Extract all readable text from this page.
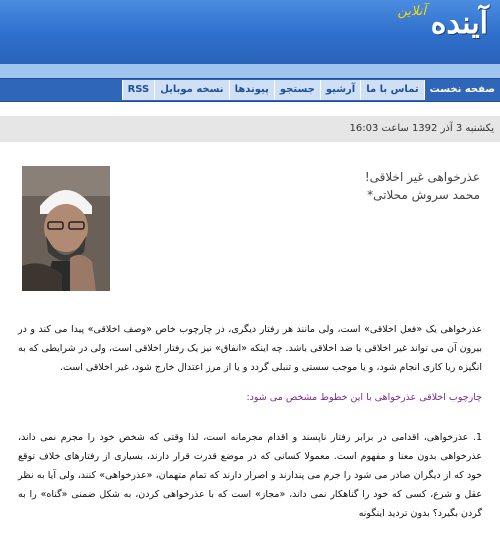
آینده
آنلاین
صفحه نخست
تماس با ما
آرشیو
جستجو
پیوندها
نسخه موبایل
RSS
یکشنبه 3 آذر 1392 ساعت 16:03
عذرخواهی غیر اخلاقی!
محمد سروش محلاتی*

عذرخواهی یک «فعل اخلاقی» است، ولی مانند هر رفتار دیگری، در چارچوب خاص «وصف اخلاقی» پیدا می کند و در بیرون آن می تواند غیر اخلاقی یا ضد اخلاقی باشد. چه اینکه «انفاق» نیز یک رفتار اخلاقی است، ولی در شرایطی که به انگیزه ریا کاری انجام شود، و یا موجب سستی و تنبلی گردد و یا از مرز اعتدال خارج شود، غیر اخلاقی است.

چارچوب اخلاقی عذرخواهی با این خطوط مشخص می شود:

1. عذرخواهی، اقدامی در برابر رفتار ناپسند و اقدام مجرمانه است، لذا وقتی که شخص خود را مجرم نمی داند، عذرخواهی بدون معنا و مفهوم است. معمولا کسانی که در موضع قدرت قرار دارند، بسیاری از رفتارهای خلاف توقع خود که از دیگران صادر می شود را جرم می پندارند و اصرار دارند که تمام متهمان، «عذرخواهی» کنند، ولی آیا به نظر عقل و شرع، کسی که خود را گناهکار نمی داند، «مجاز» است که با عذرخواهی کردن، به شکل ضمنی «گناه» را به گردن بگیرد؟ بدون تردید اینگونه
